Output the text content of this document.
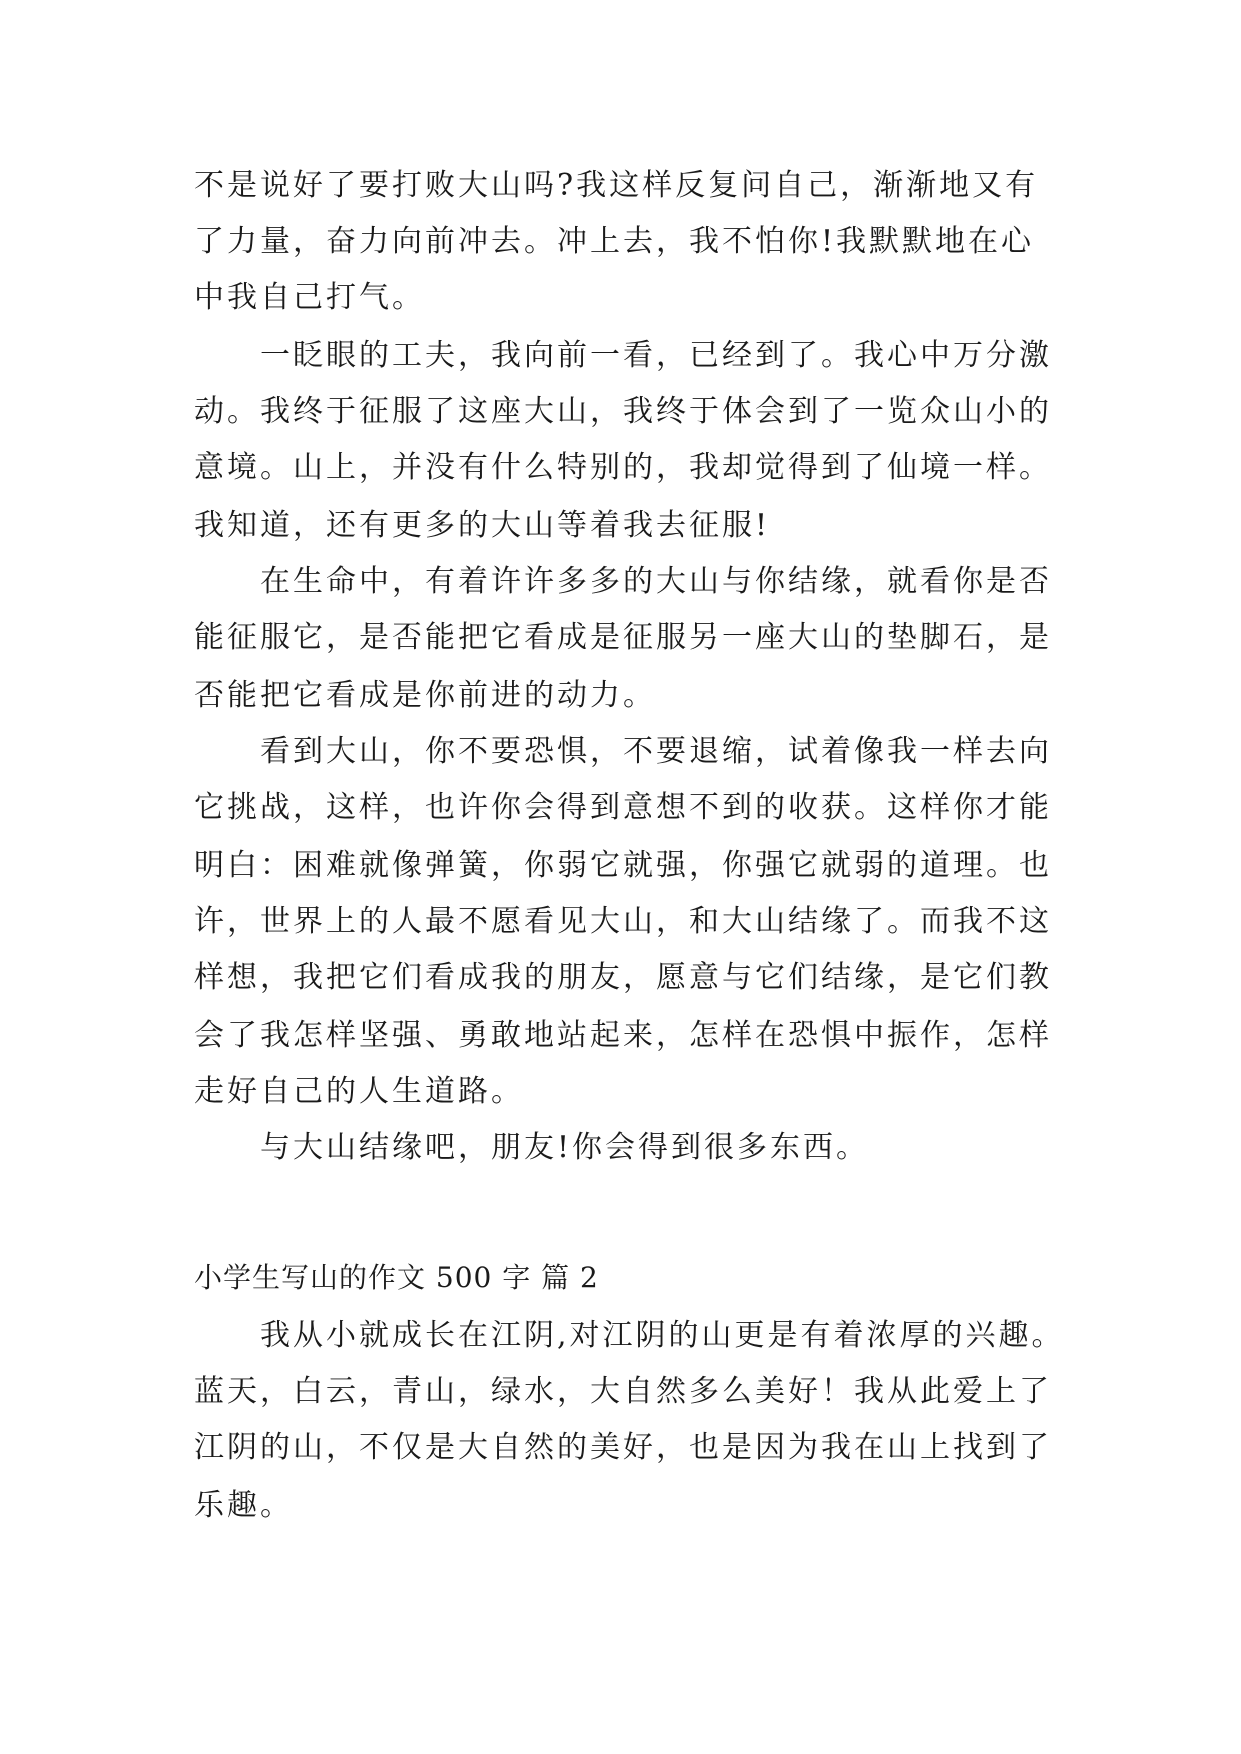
不是说好了要打败大山吗?我这样反复问自己，渐渐地又有
了力量，奋力向前冲去。冲上去，我不怕你!我默默地在心
中我自己打气。
　　一眨眼的工夫，我向前一看，已经到了。我心中万分激
动。我终于征服了这座大山，我终于体会到了一览众山小的
意境。山上，并没有什么特别的，我却觉得到了仙境一样。
我知道，还有更多的大山等着我去征服!
　　在生命中，有着许许多多的大山与你结缘，就看你是否
能征服它，是否能把它看成是征服另一座大山的垫脚石，是
否能把它看成是你前进的动力。
　　看到大山，你不要恐惧，不要退缩，试着像我一样去向
它挑战，这样，也许你会得到意想不到的收获。这样你才能
明白：困难就像弹簧，你弱它就强，你强它就弱的道理。也
许，世界上的人最不愿看见大山，和大山结缘了。而我不这
样想，我把它们看成我的朋友，愿意与它们结缘，是它们教
会了我怎样坚强、勇敢地站起来，怎样在恐惧中振作，怎样
走好自己的人生道路。
　　与大山结缘吧，朋友!你会得到很多东西。
小学生写山的作文 500 字 篇 2
　　我从小就成长在江阴,对江阴的山更是有着浓厚的兴趣。
蓝天，白云，青山，绿水，大自然多么美好！我从此爱上了
江阴的山，不仅是大自然的美好，也是因为我在山上找到了
乐趣。
